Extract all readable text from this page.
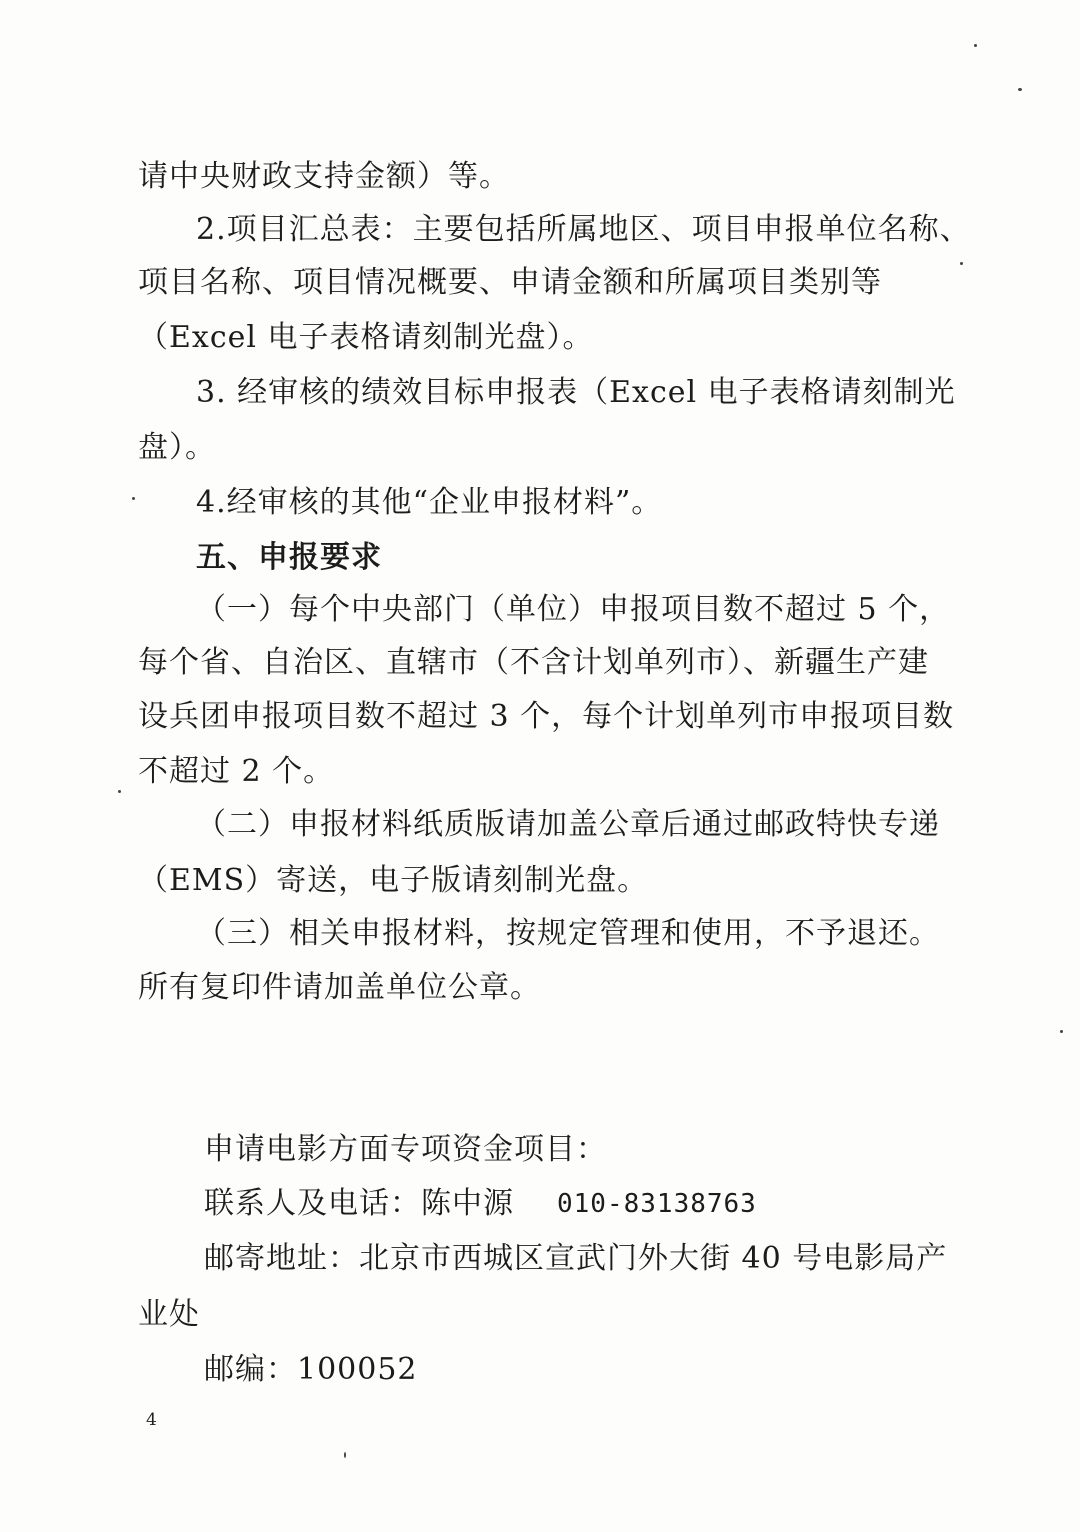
请中央财政支持金额）等。
2.项目汇总表：主要包括所属地区、项目申报单位名称、
项目名称、项目情况概要、申请金额和所属项目类别等
（Excel 电子表格请刻制光盘）。
3. 经审核的绩效目标申报表（Excel 电子表格请刻制光
盘）。
4.经审核的其他“企业申报材料”。
五、申报要求
（一）每个中央部门（单位）申报项目数不超过 5 个，
每个省、自治区、直辖市（不含计划单列市）、新疆生产建
设兵团申报项目数不超过 3 个，每个计划单列市申报项目数
不超过 2 个。
（二）申报材料纸质版请加盖公章后通过邮政特快专递
（EMS）寄送，电子版请刻制光盘。
（三）相关申报材料，按规定管理和使用，不予退还。
所有复印件请加盖单位公章。
申请电影方面专项资金项目：
联系人及电话：陈中源 010-83138763
邮寄地址：北京市西城区宣武门外大街 40 号电影局产
业处
邮编：100052
4
